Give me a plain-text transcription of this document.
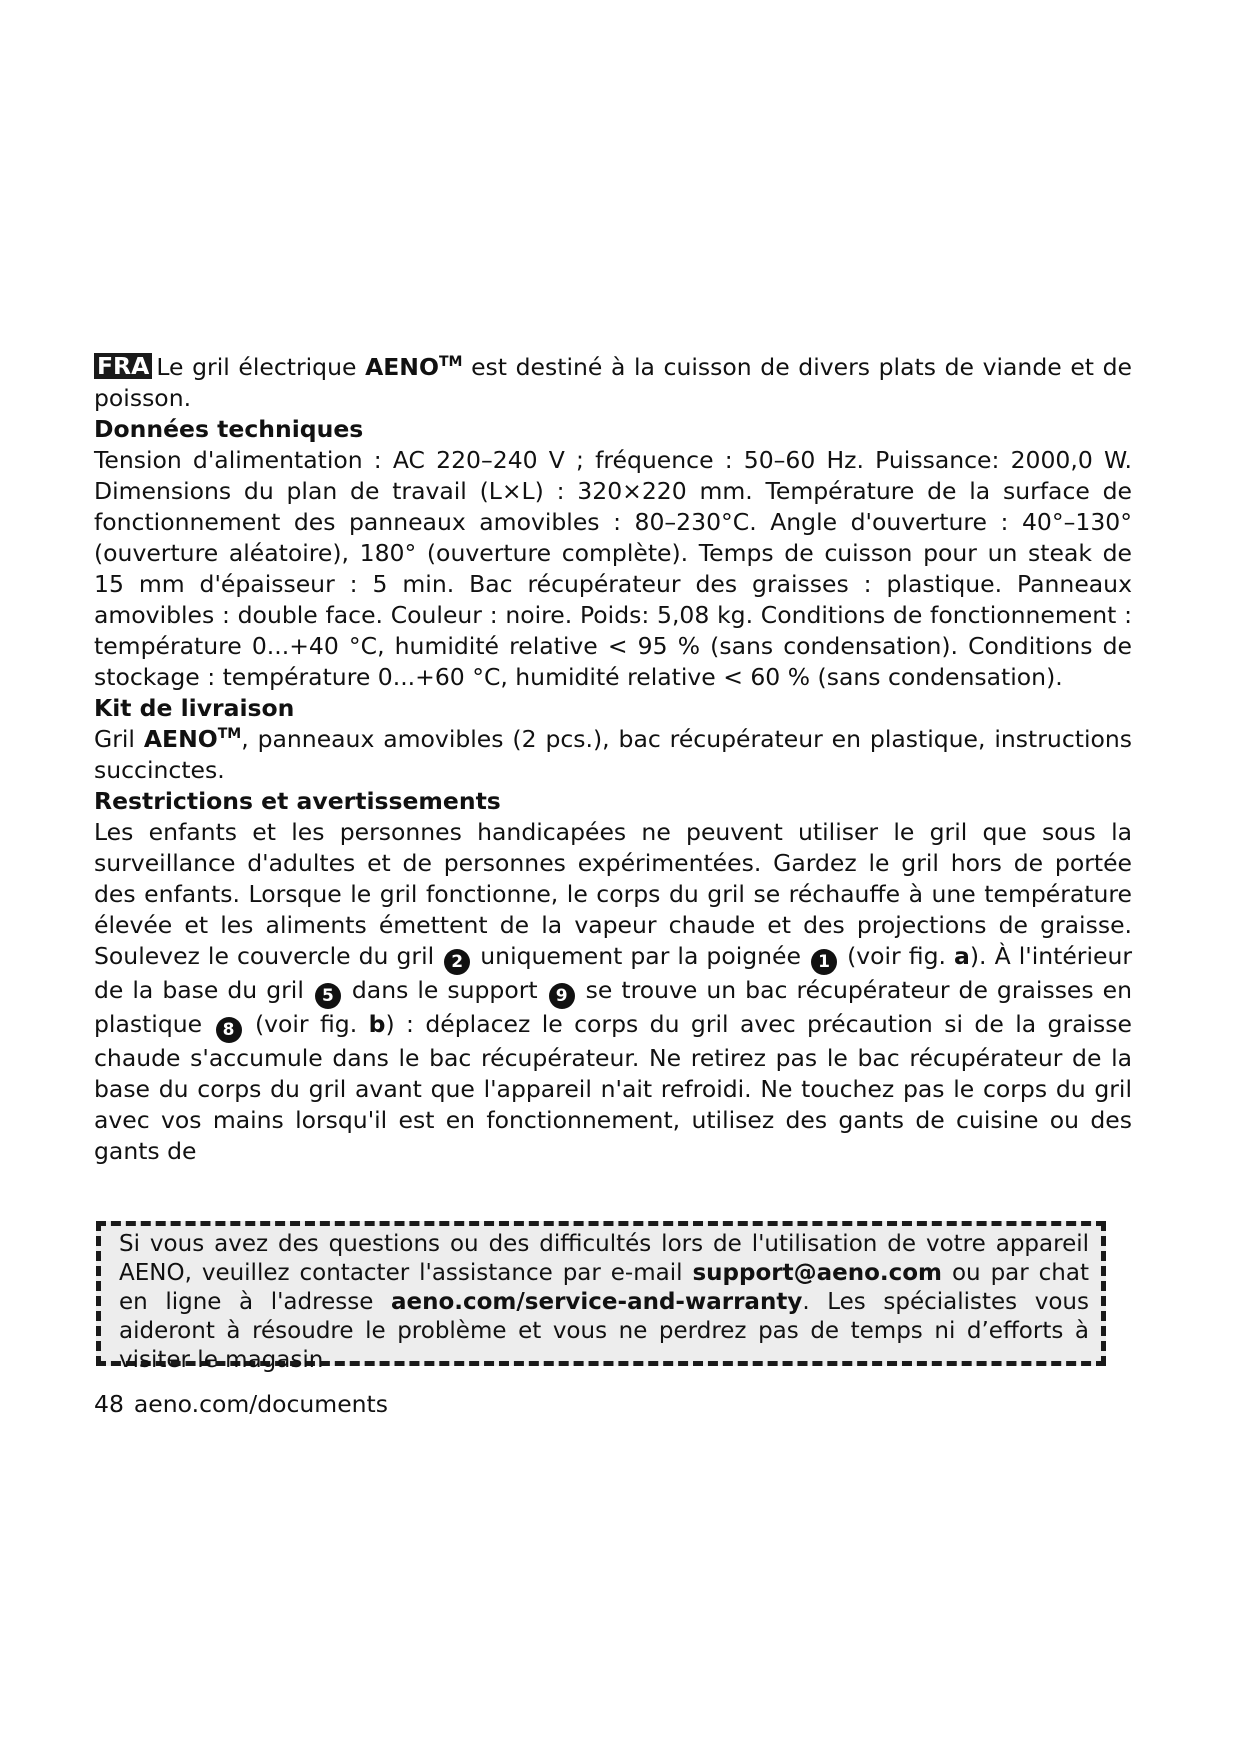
FRA Le gril électrique AENO™ est destiné à la cuisson de divers plats de viande et de poisson.

Données techniques

Tension d'alimentation : AC 220–240 V ; fréquence : 50–60 Hz. Puissance: 2000,0 W. Dimensions du plan de travail (L×L) : 320×220 mm. Température de la surface de fonctionnement des panneaux amovibles : 80–230°C. Angle d'ouverture : 40°–130° (ouverture aléatoire), 180° (ouverture complète). Temps de cuisson pour un steak de 15 mm d'épaisseur : 5 min. Bac récupérateur des graisses : plastique. Panneaux amovibles : double face. Couleur : noire. Poids: 5,08 kg. Conditions de fonctionnement : température 0...+40 °C, humidité relative < 95 % (sans condensation). Conditions de stockage : température 0...+60 °C, humidité relative < 60 % (sans condensation).

Kit de livraison

Gril AENO™, panneaux amovibles (2 pcs.), bac récupérateur en plastique, instructions succinctes.

Restrictions et avertissements

Les enfants et les personnes handicapées ne peuvent utiliser le gril que sous la surveillance d'adultes et de personnes expérimentées. Gardez le gril hors de portée des enfants. Lorsque le gril fonctionne, le corps du gril se réchauffe à une température élevée et les aliments émettent de la vapeur chaude et des projections de graisse. Soulevez le couvercle du gril 2 uniquement par la poignée 1 (voir fig. a). À l'intérieur de la base du gril 5 dans le support 9 se trouve un bac récupérateur de graisses en plastique 8 (voir fig. b) : déplacez le corps du gril avec précaution si de la graisse chaude s'accumule dans le bac récupérateur. Ne retirez pas le bac récupérateur de la base du corps du gril avant que l'appareil n'ait refroidi. Ne touchez pas le corps du gril avec vos mains lorsqu'il est en fonctionnement, utilisez des gants de cuisine ou des gants de

Si vous avez des questions ou des difficultés lors de l'utilisation de votre appareil AENO, veuillez contacter l'assistance par e-mail support@aeno.com ou par chat en ligne à l'adresse aeno.com/service-and-warranty. Les spécialistes vous aideront à résoudre le problème et vous ne perdrez pas de temps ni d’efforts à visiter le magasin
48 aeno.com/documents
